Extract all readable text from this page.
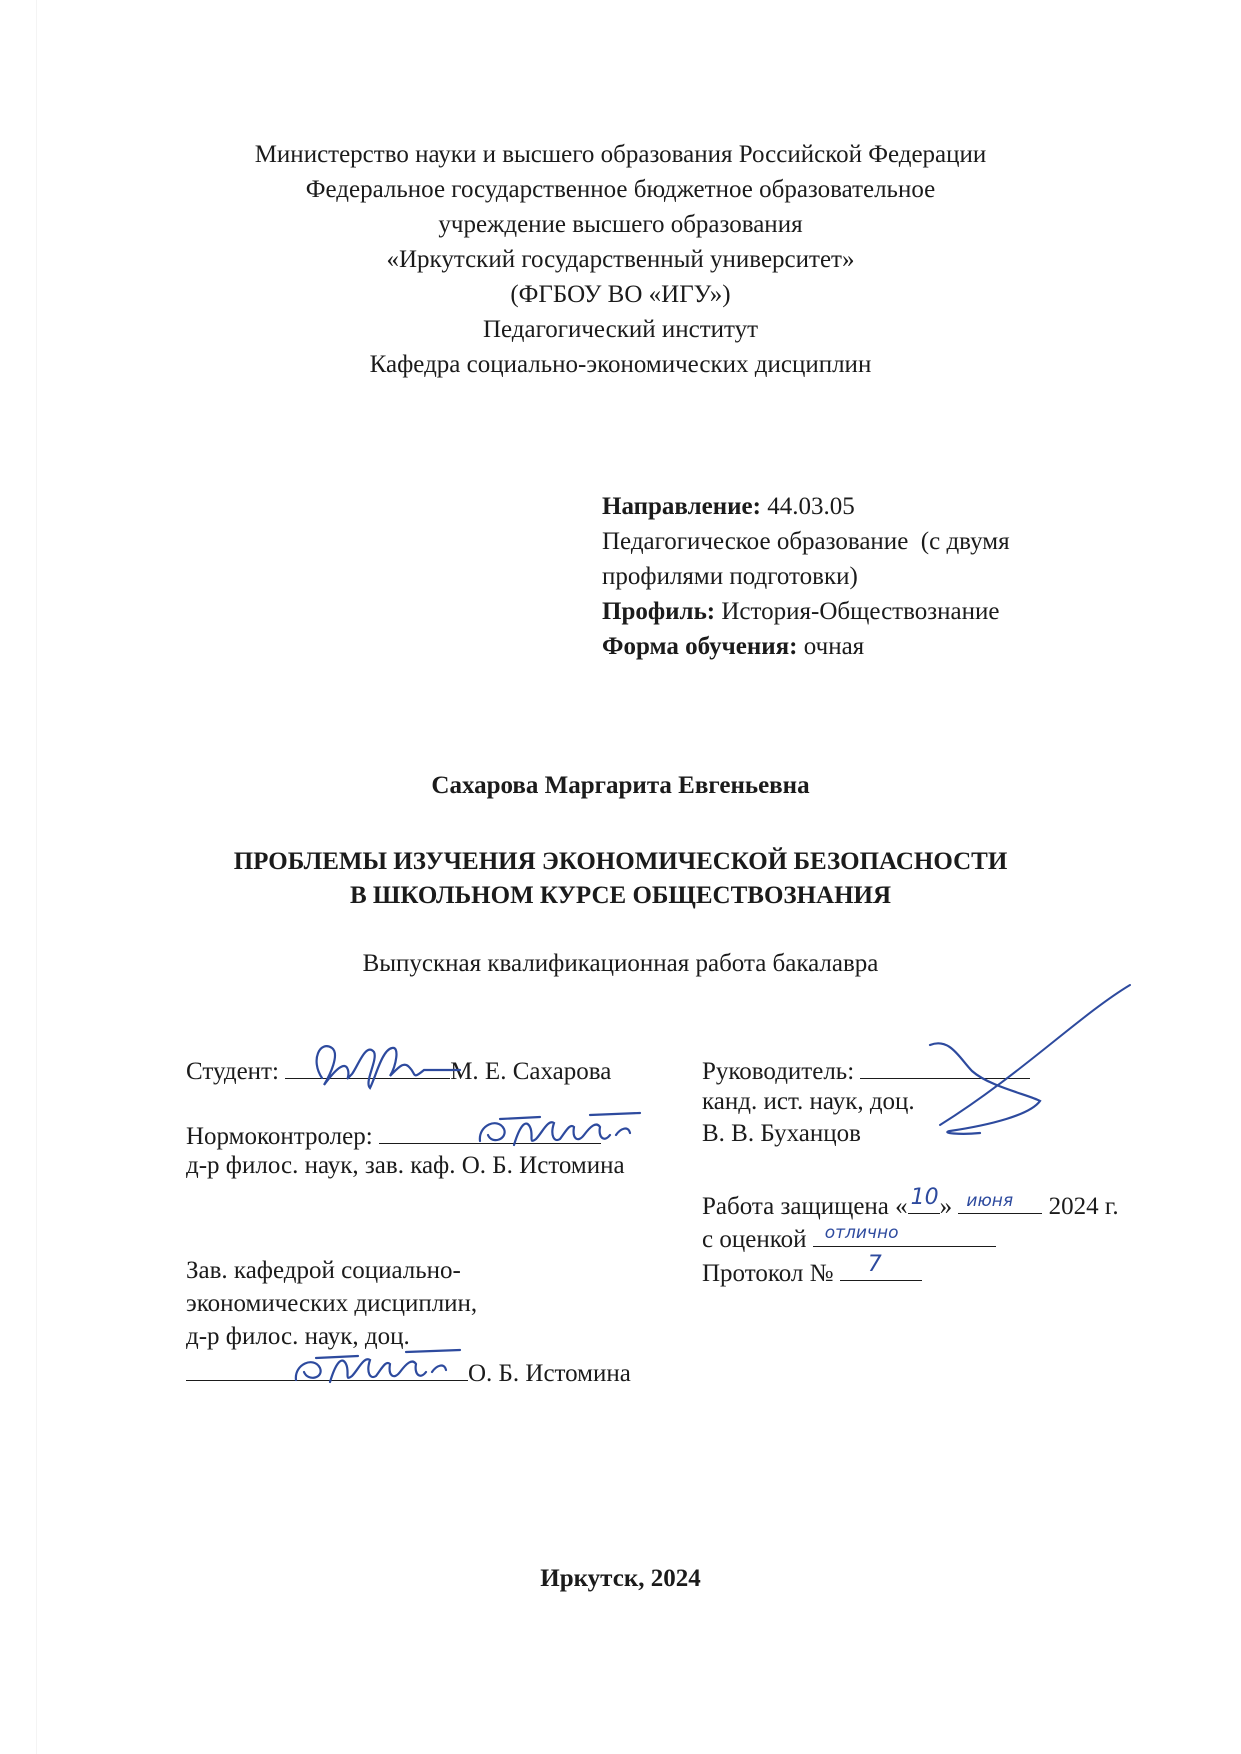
Министерство науки и высшего образования Российской Федерации
Федеральное государственное бюджетное образовательное
учреждение высшего образования
«Иркутский государственный университет»
(ФГБОУ ВО «ИГУ»)
Педагогический институт
Кафедра социально-экономических дисциплин
Направление: 44.03.05
Педагогическое образование  (с двумя
профилями подготовки)
Профиль: История-Обществознание
Форма обучения: очная
Сахарова Маргарита Евгеньевна
ПРОБЛЕМЫ ИЗУЧЕНИЯ ЭКОНОМИЧЕСКОЙ БЕЗОПАСНОСТИ
В ШКОЛЬНОМ КУРСЕ ОБЩЕСТВОЗНАНИЯ
Выпускная квалификационная работа бакалавра
Студент:	М. Е. Сахарова	Руководитель:
канд. ист. наук, доц.
В. В. Буханцов
Нормоконтролер:
д-р филос. наук, зав. каф. О. Б. Истомина
Работа защищена « 10 » июня 2024 г.
с оценкой отлично
Протокол № 7
Зав. кафедрой социально-
экономических дисциплин,
д-р филос. наук, доц.
О. Б. Истомина
Иркутск, 2024
